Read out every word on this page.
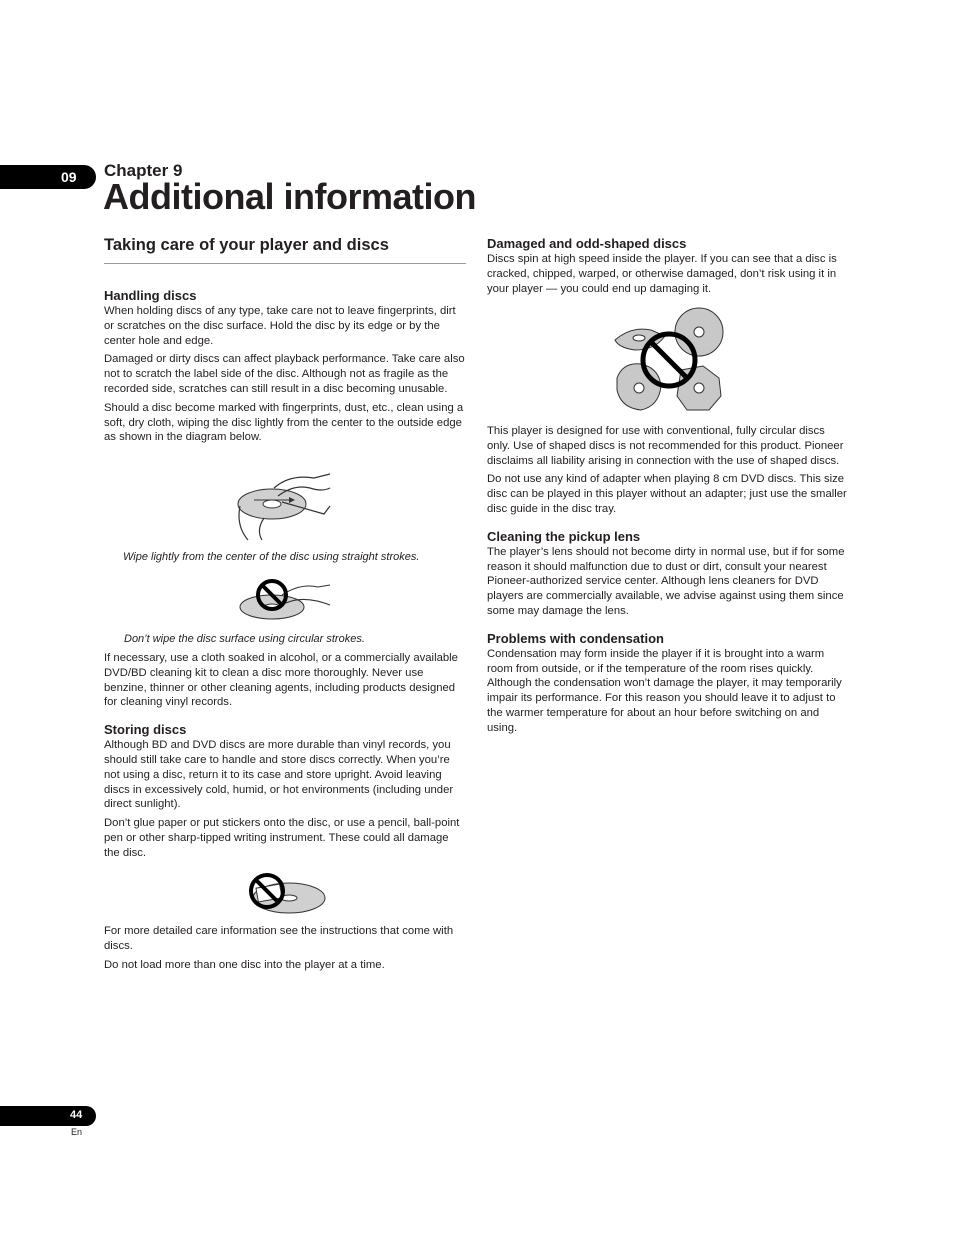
09 Chapter 9
Additional information
Taking care of your player and discs
Handling discs

When holding discs of any type, take care not to leave fingerprints, dirt or scratches on the disc surface. Hold the disc by its edge or by the center hole and edge.

Damaged or dirty discs can affect playback performance. Take care also not to scratch the label side of the disc. Although not as fragile as the recorded side, scratches can still result in a disc becoming unusable.

Should a disc become marked with fingerprints, dust, etc., clean using a soft, dry cloth, wiping the disc lightly from the center to the outside edge as shown in the diagram below.

Wipe lightly from the center of the disc using straight strokes.

Don’t wipe the disc surface using circular strokes.

If necessary, use a cloth soaked in alcohol, or a commercially available DVD/BD cleaning kit to clean a disc more thoroughly. Never use benzine, thinner or other cleaning agents, including products designed for cleaning vinyl records.

Storing discs

Although BD and DVD discs are more durable than vinyl records, you should still take care to handle and store discs correctly. When you’re not using a disc, return it to its case and store upright. Avoid leaving discs in excessively cold, humid, or hot environments (including under direct sunlight).

Don’t glue paper or put stickers onto the disc, or use a pencil, ball-point pen or other sharp-tipped writing instrument. These could all damage the disc.

For more detailed care information see the instructions that come with discs.

Do not load more than one disc into the player at a time.

Damaged and odd-shaped discs

Discs spin at high speed inside the player. If you can see that a disc is cracked, chipped, warped, or otherwise damaged, don’t risk using it in your player — you could end up damaging it.

This player is designed for use with conventional, fully circular discs only. Use of shaped discs is not recommended for this product. Pioneer disclaims all liability arising in connection with the use of shaped discs.

Do not use any kind of adapter when playing 8 cm DVD discs. This size disc can be played in this player without an adapter; just use the smaller disc guide in the disc tray.

Cleaning the pickup lens

The player’s lens should not become dirty in normal use, but if for some reason it should malfunction due to dust or dirt, consult your nearest Pioneer-authorized service center. Although lens cleaners for DVD players are commercially available, we advise against using them since some may damage the lens.

Problems with condensation

Condensation may form inside the player if it is brought into a warm room from outside, or if the temperature of the room rises quickly. Although the condensation won’t damage the player, it may temporarily impair its performance. For this reason you should leave it to adjust to the warmer temperature for about an hour before switching on and using.

44
En
